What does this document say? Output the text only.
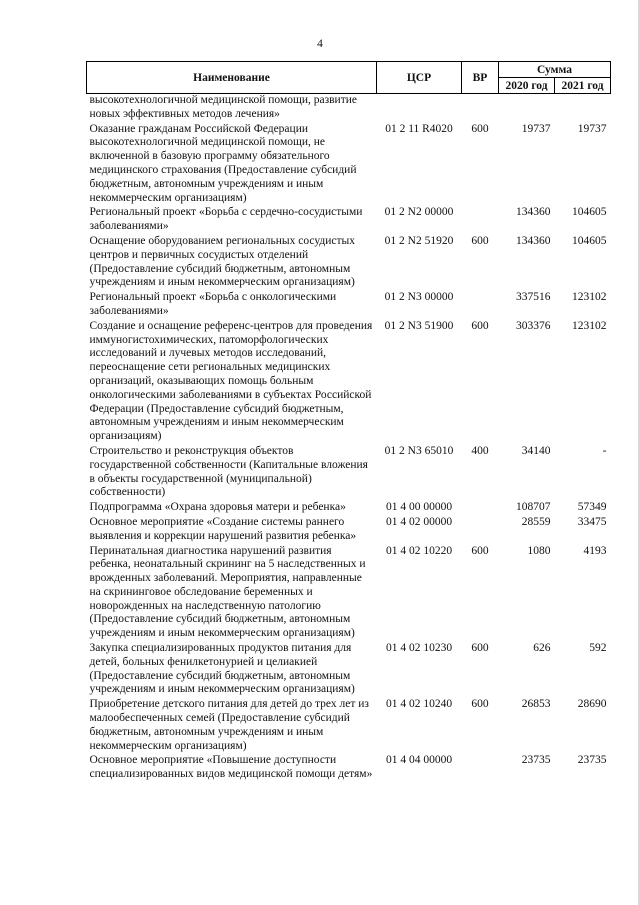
4
Наименование	ЦСР	ВР	Сумма	
			2020 год	2021 год
высокотехнологичной медицинской помощи, развитие новых эффективных методов лечения»				
Оказание гражданам Российской Федерации высокотехнологичной медицинской помощи, не включенной в базовую программу обязательного медицинского страхования (Предоставление субсидий бюджетным, автономным учреждениям и иным некоммерческим организациям)	01 2 11 R4020	600	19737	19737
Региональный проект «Борьба с сердечно-сосудистыми заболеваниями»	01 2 N2 00000		134360	104605
Оснащение оборудованием региональных сосудистых центров и первичных сосудистых отделений (Предоставление субсидий бюджетным, автономным учреждениям и иным некоммерческим организациям)	01 2 N2 51920	600	134360	104605
Региональный проект «Борьба с онкологическими заболеваниями»	01 2 N3 00000		337516	123102
Создание и оснащение референс-центров для проведения иммуногистохимических, патоморфологических исследований и лучевых методов исследований, переоснащение сети региональных медицинских организаций, оказывающих помощь больным онкологическими заболеваниями в субъектах Российской Федерации (Предоставление субсидий бюджетным, автономным учреждениям и иным некоммерческим организациям)	01 2 N3 51900	600	303376	123102
Строительство и реконструкция объектов государственной собственности (Капитальные вложения в объекты государственной (муниципальной) собственности)	01 2 N3 65010	400	34140	-
Подпрограмма «Охрана здоровья матери и ребенка»	01 4 00 00000		108707	57349
Основное мероприятие «Создание системы раннего выявления и коррекции нарушений развития ребенка»	01 4 02 00000		28559	33475
Перинатальная диагностика нарушений развития ребенка, неонатальный скрининг на 5 наследственных и врожденных заболеваний. Мероприятия, направленные на скрининговое обследование беременных и новорожденных на наследственную патологию (Предоставление субсидий бюджетным, автономным учреждениям и иным некоммерческим организациям)	01 4 02 10220	600	1080	4193
Закупка специализированных продуктов питания для детей, больных фенилкетонурией и целиакией (Предоставление субсидий бюджетным, автономным учреждениям и иным некоммерческим организациям)	01 4 02 10230	600	626	592
Приобретение детского питания для детей до трех лет из малообеспеченных семей (Предоставление субсидий бюджетным, автономным учреждениям и иным некоммерческим организациям)	01 4 02 10240	600	26853	28690
Основное мероприятие «Повышение доступности специализированных видов медицинской помощи детям»	01 4 04 00000		23735	23735
